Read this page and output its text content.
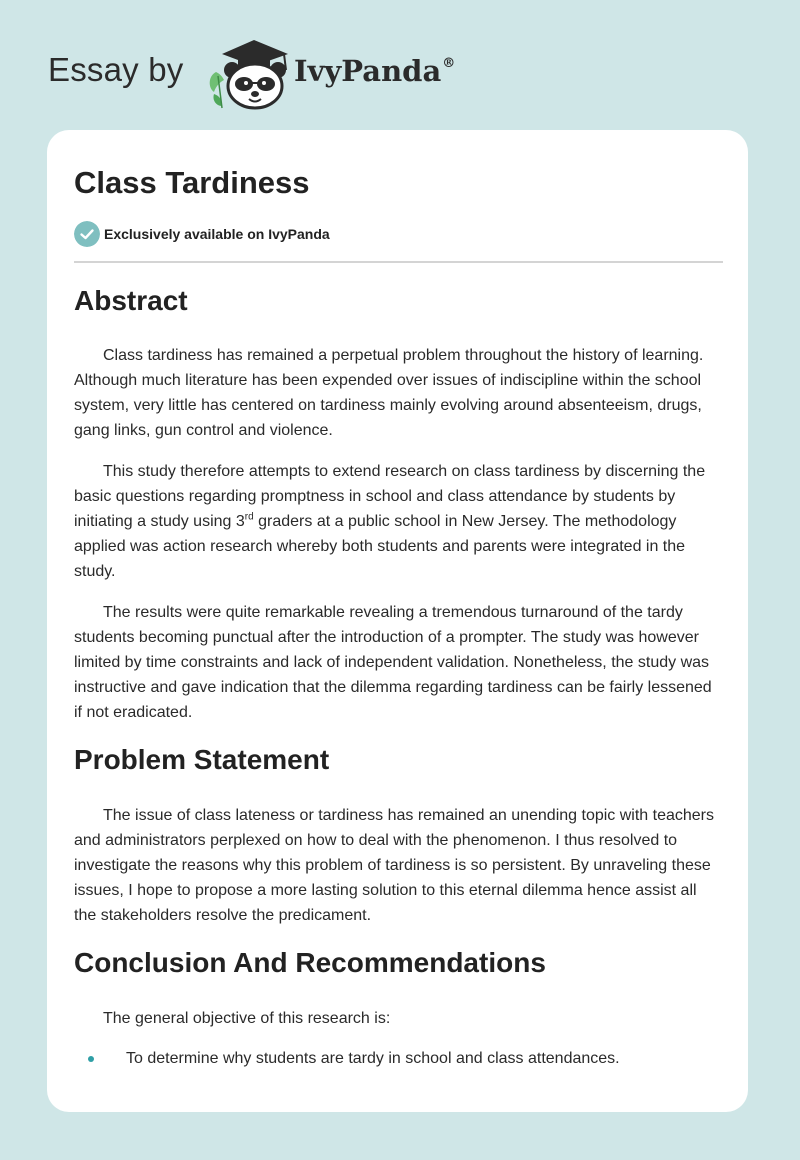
Essay by	IvyPanda®
Class Tardiness
Exclusively available on IvyPanda
Abstract

Class tardiness has remained a perpetual problem throughout the history of learning. Although much literature has been expended over issues of indiscipline within the school system, very little has centered on tardiness mainly evolving around absenteeism, drugs, gang links, gun control and violence.

This study therefore attempts to extend research on class tardiness by discerning the basic questions regarding promptness in school and class attendance by students by initiating a study using 3rd graders at a public school in New Jersey. The methodology applied was action research whereby both students and parents were integrated in the study.

The results were quite remarkable revealing a tremendous turnaround of the tardy students becoming punctual after the introduction of a prompter. The study was however limited by time constraints and lack of independent validation. Nonetheless, the study was instructive and gave indication that the dilemma regarding tardiness can be fairly lessened if not eradicated.

Problem Statement

The issue of class lateness or tardiness has remained an unending topic with teachers and administrators perplexed on how to deal with the phenomenon. I thus resolved to investigate the reasons why this problem of tardiness is so persistent. By unraveling these issues, I hope to propose a more lasting solution to this eternal dilemma hence assist all the stakeholders resolve the predicament.

Conclusion And Recommendations

The general objective of this research is:

To determine why students are tardy in school and class attendances.
